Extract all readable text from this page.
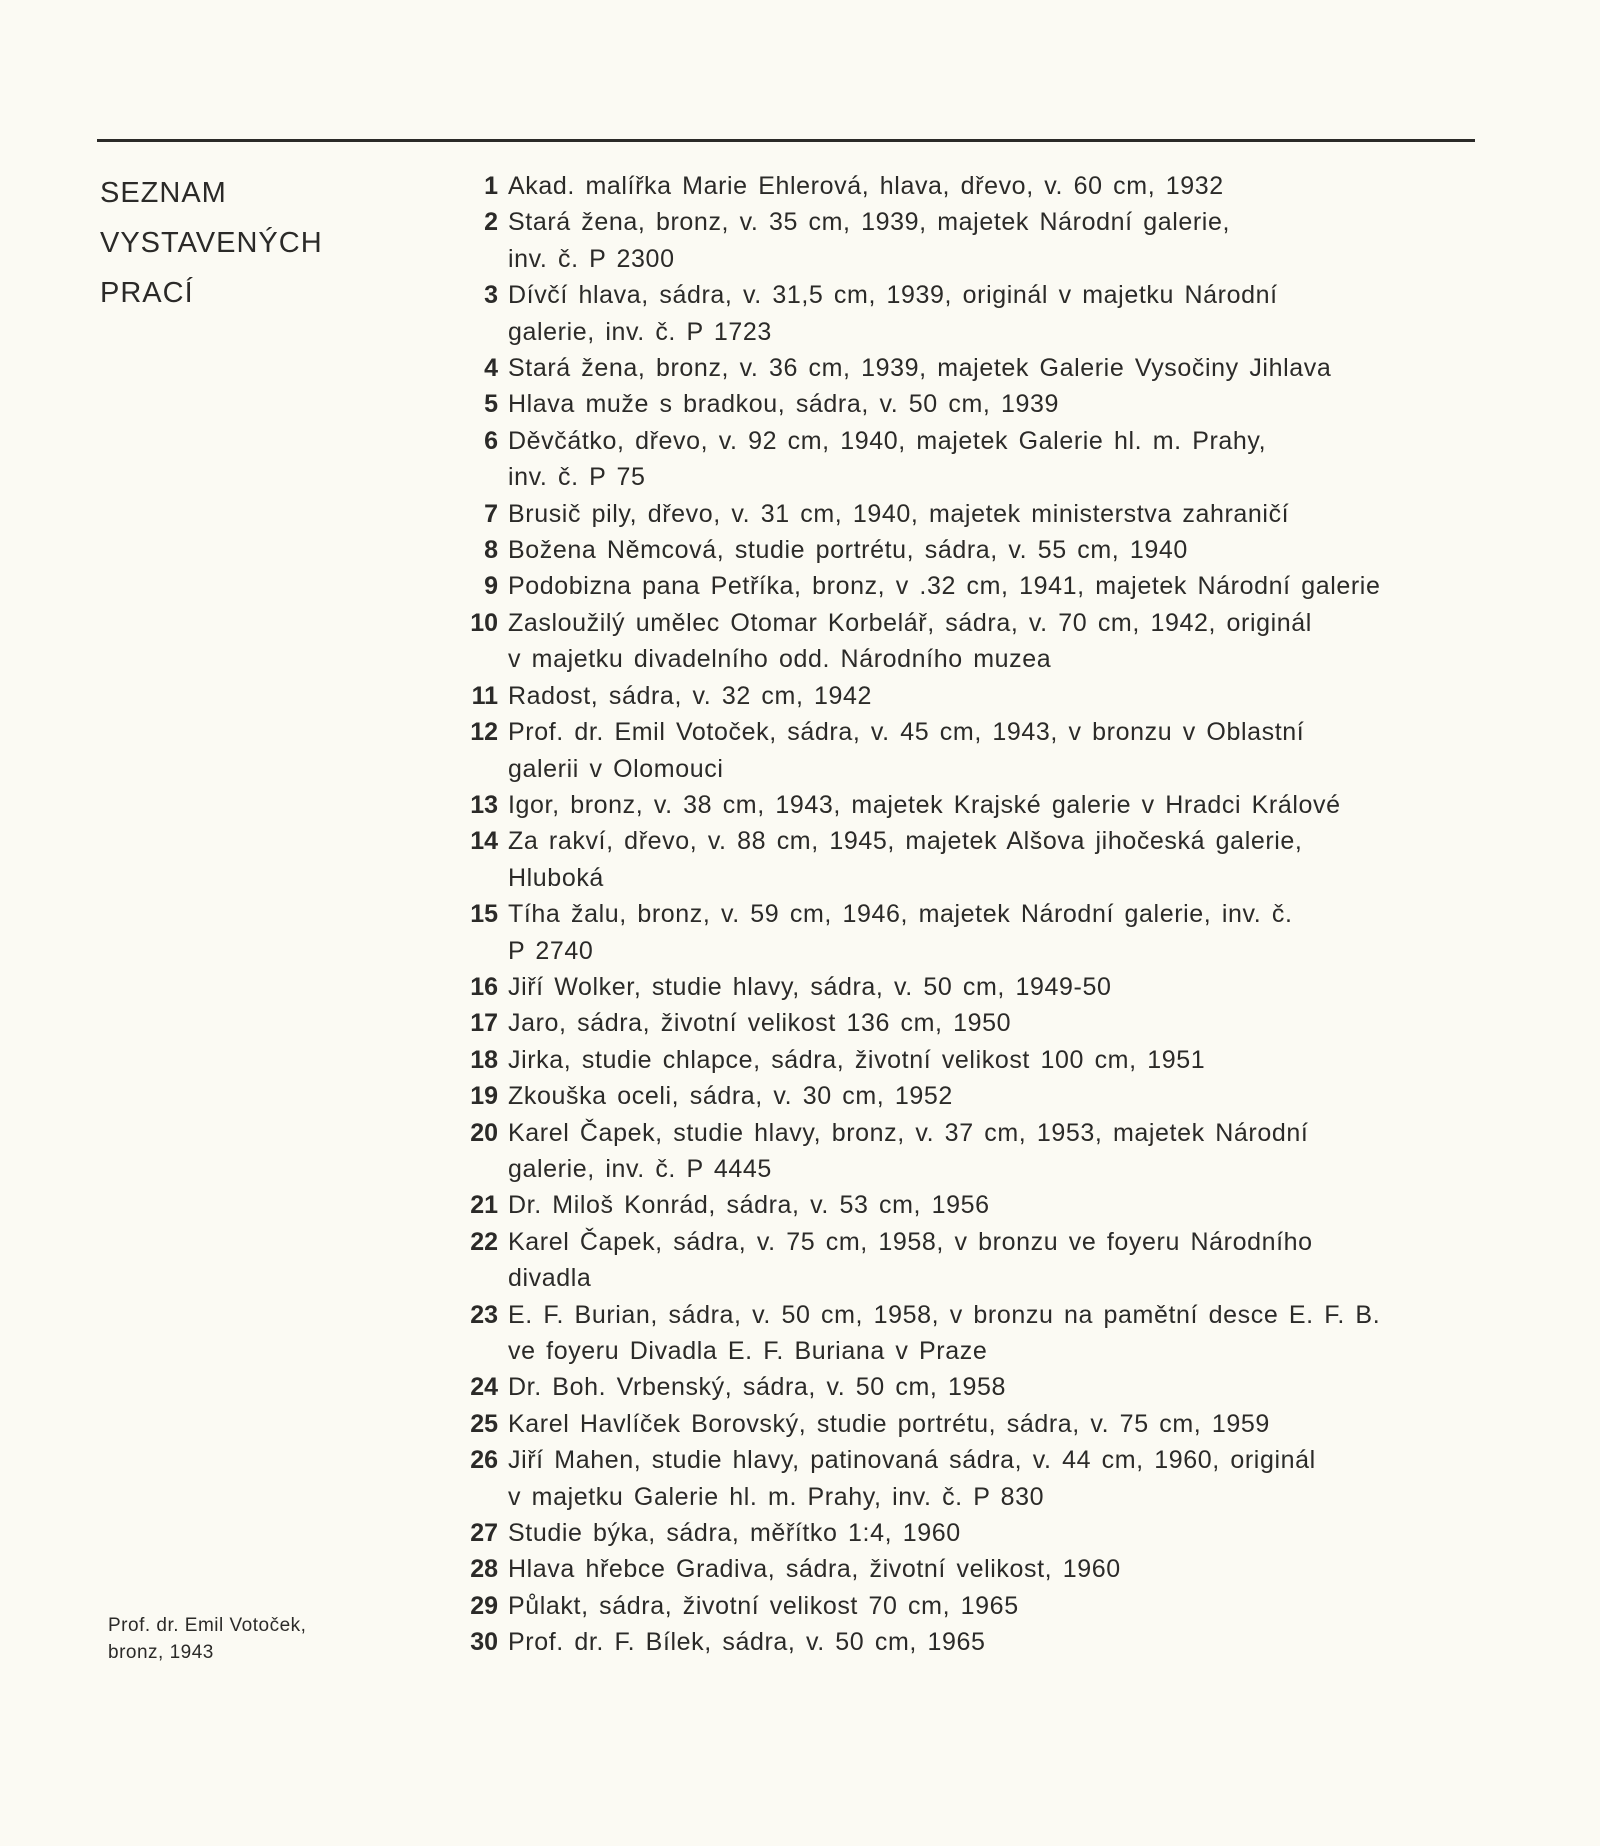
SEZNAM
VYSTAVENÝCH
PRACÍ
1 Akad. malířka Marie Ehlerová, hlava, dřevo, v. 60 cm, 1932
2 Stará žena, bronz, v. 35 cm, 1939, majetek Národní galerie,
inv. č. P 2300
3 Dívčí hlava, sádra, v. 31,5 cm, 1939, originál v majetku Národní
galerie, inv. č. P 1723
4 Stará žena, bronz, v. 36 cm, 1939, majetek Galerie Vysočiny Jihlava
5 Hlava muže s bradkou, sádra, v. 50 cm, 1939
6 Děvčátko, dřevo, v. 92 cm, 1940, majetek Galerie hl. m. Prahy,
inv. č. P 75
7 Brusič pily, dřevo, v. 31 cm, 1940, majetek ministerstva zahraničí
8 Božena Němcová, studie portrétu, sádra, v. 55 cm, 1940
9 Podobizna pana Petříka, bronz, v .32 cm, 1941, majetek Národní galerie
10 Zasloužilý umělec Otomar Korbelář, sádra, v. 70 cm, 1942, originál
v majetku divadelního odd. Národního muzea
11 Radost, sádra, v. 32 cm, 1942
12 Prof. dr. Emil Votoček, sádra, v. 45 cm, 1943, v bronzu v Oblastní
galerii v Olomouci
13 Igor, bronz, v. 38 cm, 1943, majetek Krajské galerie v Hradci Králové
14 Za rakví, dřevo, v. 88 cm, 1945, majetek Alšova jihočeská galerie,
Hluboká
15 Tíha žalu, bronz, v. 59 cm, 1946, majetek Národní galerie, inv. č.
P 2740
16 Jiří Wolker, studie hlavy, sádra, v. 50 cm, 1949-50
17 Jaro, sádra, životní velikost 136 cm, 1950
18 Jirka, studie chlapce, sádra, životní velikost 100 cm, 1951
19 Zkouška oceli, sádra, v. 30 cm, 1952
20 Karel Čapek, studie hlavy, bronz, v. 37 cm, 1953, majetek Národní
galerie, inv. č. P 4445
21 Dr. Miloš Konrád, sádra, v. 53 cm, 1956
22 Karel Čapek, sádra, v. 75 cm, 1958, v bronzu ve foyeru Národního
divadla
23 E. F. Burian, sádra, v. 50 cm, 1958, v bronzu na pamětní desce E. F. B.
ve foyeru Divadla E. F. Buriana v Praze
24 Dr. Boh. Vrbenský, sádra, v. 50 cm, 1958
25 Karel Havlíček Borovský, studie portrétu, sádra, v. 75 cm, 1959
26 Jiří Mahen, studie hlavy, patinovaná sádra, v. 44 cm, 1960, originál
v majetku Galerie hl. m. Prahy, inv. č. P 830
27 Studie býka, sádra, měřítko 1:4, 1960
28 Hlava hřebce Gradiva, sádra, životní velikost, 1960
29 Půlakt, sádra, životní velikost 70 cm, 1965
30 Prof. dr. F. Bílek, sádra, v. 50 cm, 1965
Prof. dr. Emil Votoček,
bronz, 1943
